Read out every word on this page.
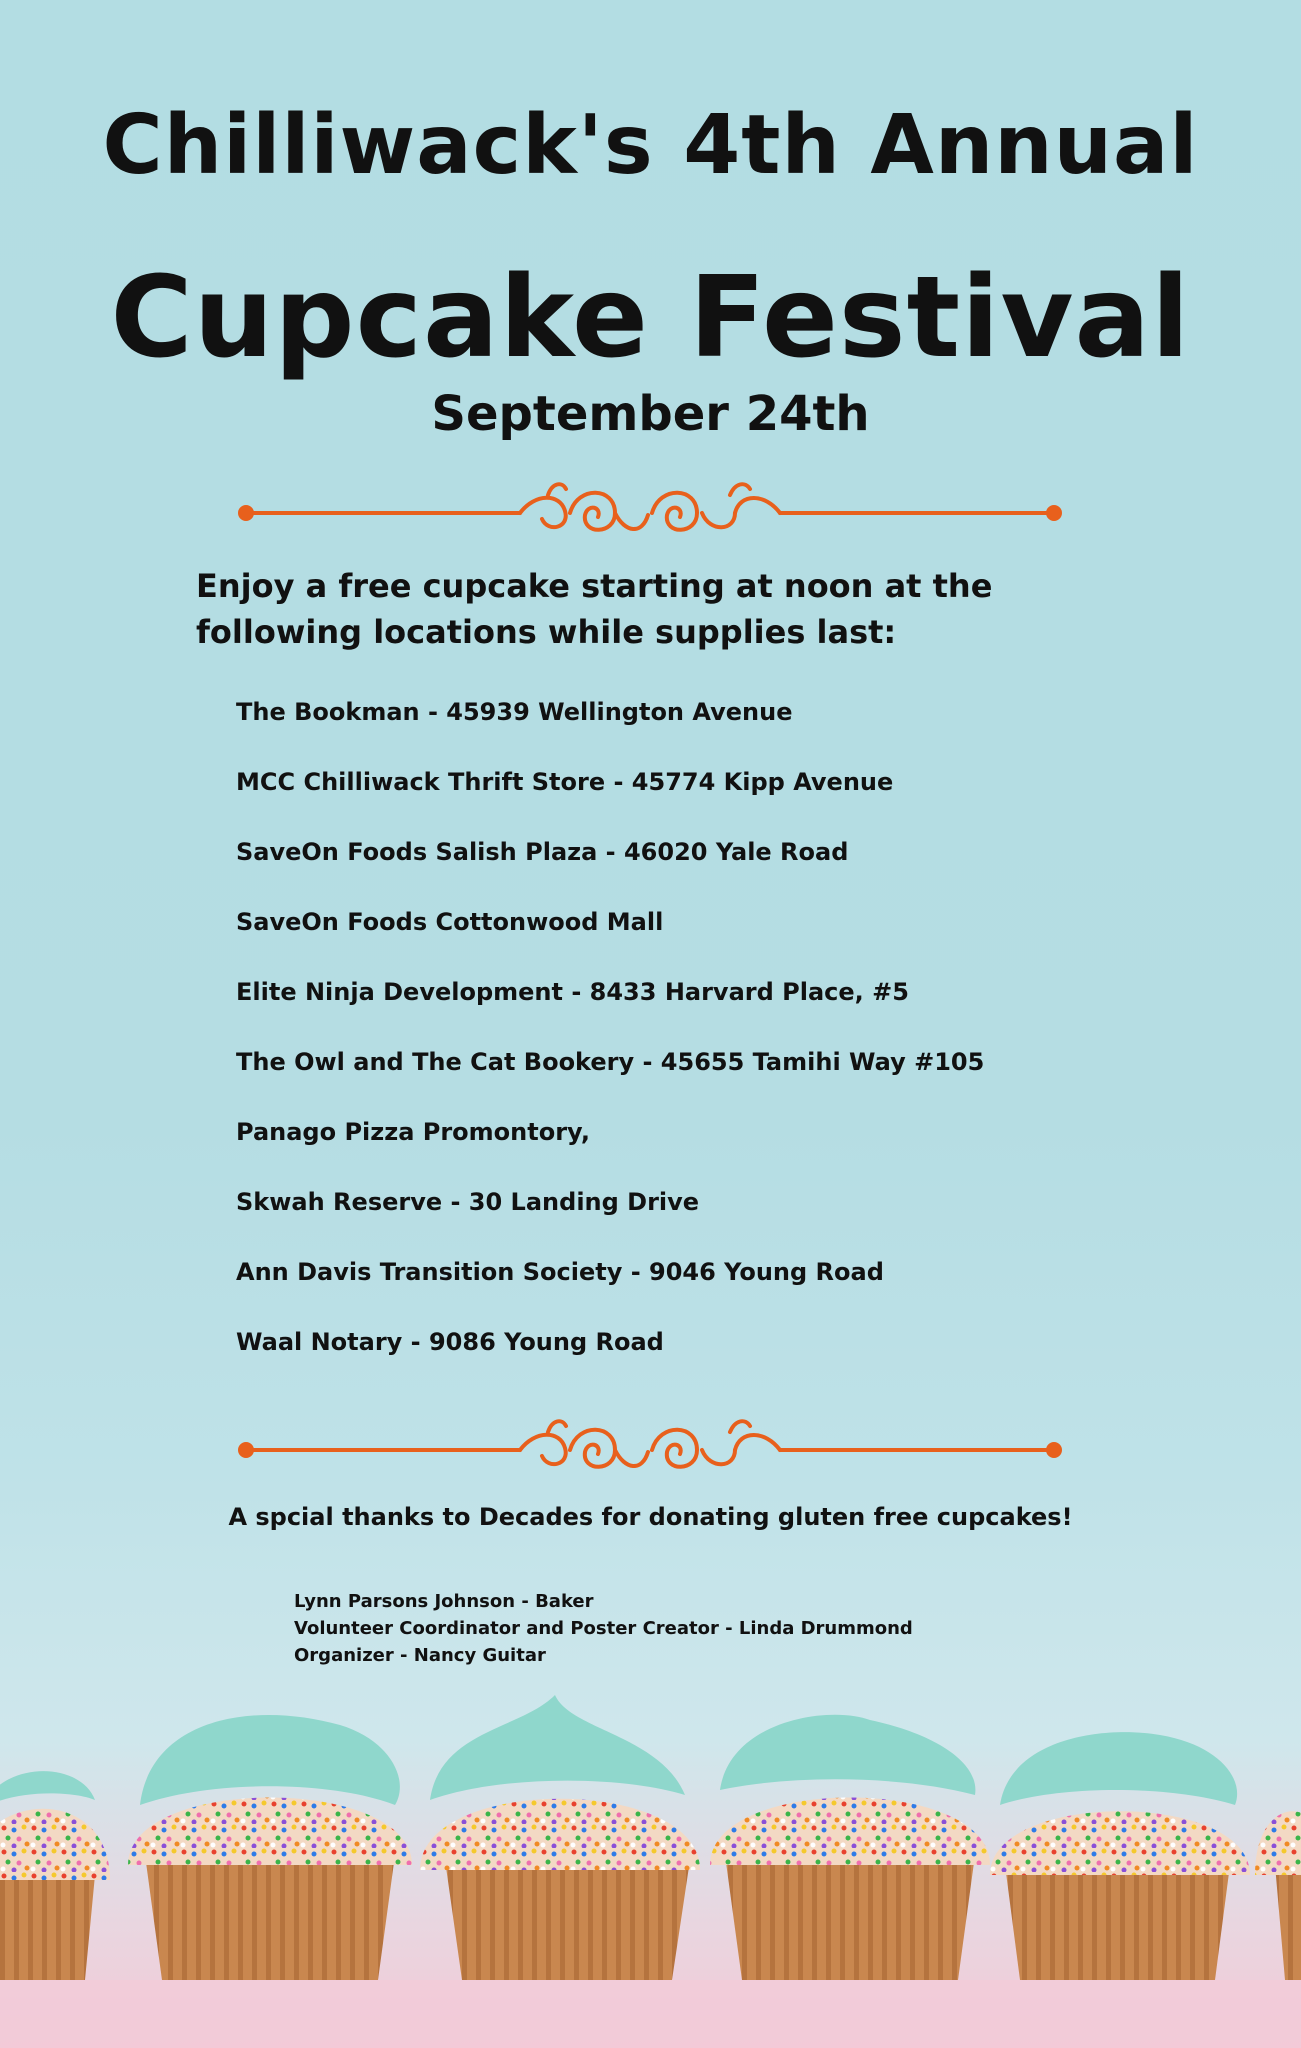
Chilliwack's 4th Annual
Cupcake Festival
September 24th

Enjoy a free cupcake starting at noon at the
following locations while supplies last:

The Bookman - 45939 Wellington Avenue
MCC Chilliwack Thrift Store - 45774 Kipp Avenue
SaveOn Foods Salish Plaza - 46020 Yale Road
SaveOn Foods Cottonwood Mall
Elite Ninja Development - 8433 Harvard Place, #5
The Owl and The Cat Bookery - 45655 Tamihi Way #105
Panago Pizza Promontory,
Skwah Reserve - 30 Landing Drive
Ann Davis Transition Society - 9046 Young Road
Waal Notary - 9086 Young Road

A spcial thanks to Decades for donating gluten free cupcakes!

Lynn Parsons Johnson - Baker
Volunteer Coordinator and Poster Creator - Linda Drummond
Organizer - Nancy Guitar
